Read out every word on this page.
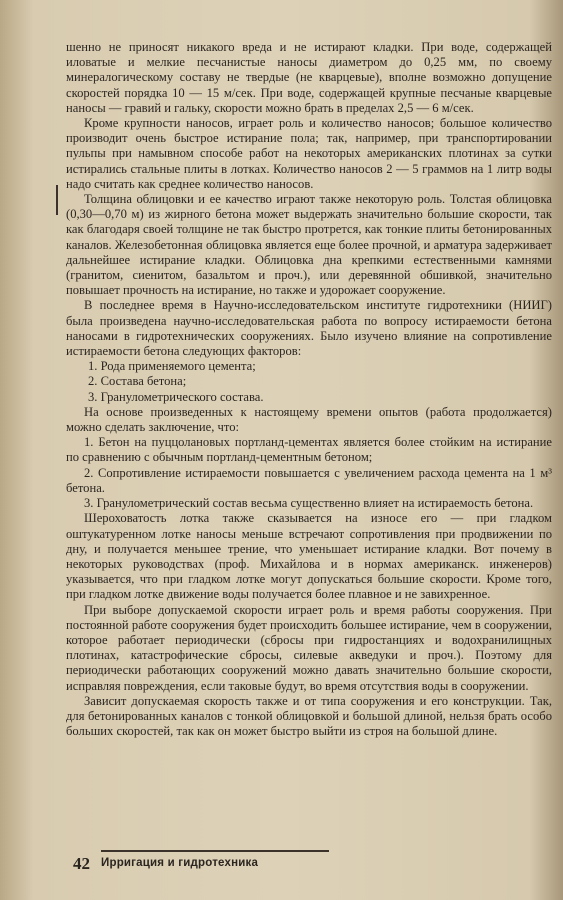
шенно не приносят никакого вреда и не истирают кладки. При воде, содержащей иловатые и мелкие песчанистые наносы диаметром до 0,25 мм, по своему минералогическому составу не твердые (не кварцевые), вполне возможно допущение скоростей порядка 10 — 15 м/сек. При воде, содержащей крупные песчаные кварцевые наносы — гравий и гальку, скорости можно брать в пределах 2,5 — 6 м/сек.

Кроме крупности наносов, играет роль и количество наносов; большое количество производит очень быстрое истирание пола; так, например, при транспортировании пульпы при намывном способе работ на некоторых американских плотинах за сутки истирались стальные плиты в лотках. Количество наносов 2 — 5 граммов на 1 литр воды надо считать как среднее количество наносов.

Толщина облицовки и ее качество играют также некоторую роль. Толстая облицовка (0,30—0,70 м) из жирного бетона может выдержать значительно большие скорости, так как благодаря своей толщине не так быстро протрется, как тонкие плиты бетонированных каналов. Железобетонная облицовка является еще более прочной, и арматура задерживает дальнейшее истирание кладки. Облицовка дна крепкими естественными камнями (гранитом, сиенитом, базальтом и проч.), или деревянной обшивкой, значительно повышает прочность на истирание, но также и удорожает сооружение.

В последнее время в Научно-исследовательском институте гидротехники (НИИГ) была произведена научно-исследовательская работа по вопросу истираемости бетона наносами в гидротехнических сооружениях. Было изучено влияние на сопротивление истираемости бетона следующих факторов:

1. Рода применяемого цемента;

2. Состава бетона;

3. Гранулометрического состава.

На основе произведенных к настоящему времени опытов (работа продолжается) можно сделать заключение, что:

1. Бетон на пуццолановых портланд-цементах является более стойким на истирание по сравнению с обычным портланд-цементным бетоном;

2. Сопротивление истираемости повышается с увеличением расхода цемента на 1 м³ бетона.

3. Гранулометрический состав весьма существенно влияет на истираемость бетона.

Шероховатость лотка также сказывается на износе его — при гладком оштукатуренном лотке наносы меньше встречают сопротивления при продвижении по дну, и получается меньшее трение, что уменьшает истирание кладки. Вот почему в некоторых руководствах (проф. Михайлова и в нормах американск. инженеров) указывается, что при гладком лотке могут допускаться большие скорости. Кроме того, при гладком лотке движение воды получается более плавное и не завихренное.

При выборе допускаемой скорости играет роль и время работы сооружения. При постоянной работе сооружения будет происходить большее истирание, чем в сооружении, которое работает периодически (сбросы при гидростанциях и водохранилищных плотинах, катастрофические сбросы, силевые акведуки и проч.). Поэтому для периодически работающих сооружений можно давать значительно большие скорости, исправляя повреждения, если таковые будут, во время отсутствия воды в сооружении.

Зависит допускаемая скорость также и от типа сооружения и его конструкции. Так, для бетонированных каналов с тонкой облицовкой и большой длиной, нельзя брать особо больших скоростей, так как он может быстро выйти из строя на большой длине.

42 Ирригация и гидротехника
